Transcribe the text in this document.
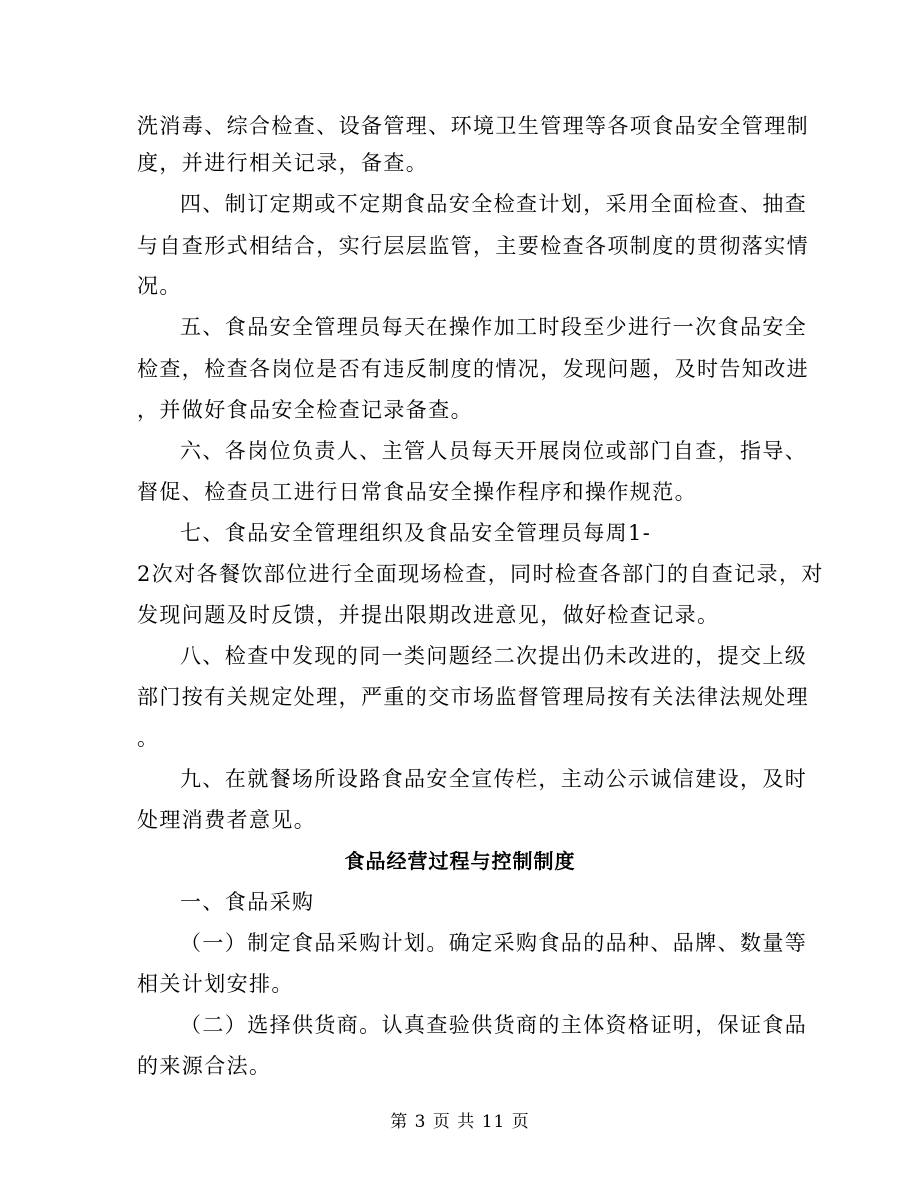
洗消毒、综合检查、设备管理、环境卫生管理等各项食品安全管理制
度，并进行相关记录，备查。
四、制订定期或不定期食品安全检查计划，采用全面检查、抽查
与自查形式相结合，实行层层监管，主要检查各项制度的贯彻落实情
况。
五、食品安全管理员每天在操作加工时段至少进行一次食品安全
检查，检查各岗位是否有违反制度的情况，发现问题，及时告知改进
，并做好食品安全检查记录备查。
六、各岗位负责人、主管人员每天开展岗位或部门自查，指导、
督促、检查员工进行日常食品安全操作程序和操作规范。
七、食品安全管理组织及食品安全管理员每周1-
2次对各餐饮部位进行全面现场检查，同时检查各部门的自查记录，对
发现问题及时反馈，并提出限期改进意见，做好检查记录。
八、检查中发现的同一类问题经二次提出仍未改进的，提交上级
部门按有关规定处理，严重的交市场监督管理局按有关法律法规处理
。
九、在就餐场所设路食品安全宣传栏，主动公示诚信建设，及时
处理消费者意见。
食品经营过程与控制制度
一、食品采购
（一）制定食品采购计划。确定采购食品的品种、品牌、数量等
相关计划安排。
（二）选择供货商。认真查验供货商的主体资格证明，保证食品
的来源合法。
第 3 页 共 11 页
